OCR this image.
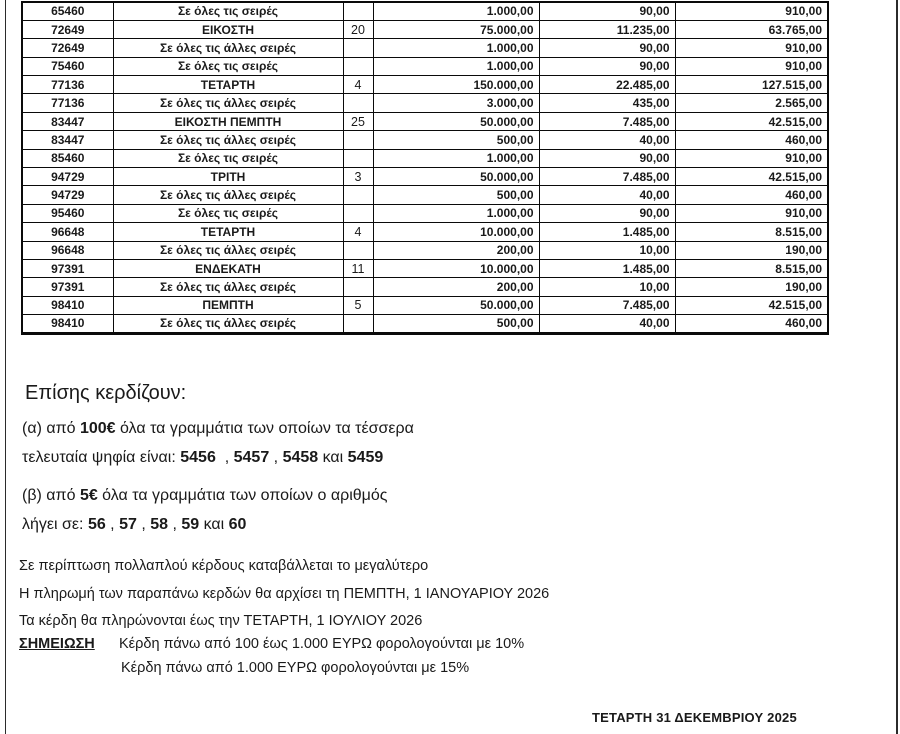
65460	Σε όλες τις σειρές		1.000,00	90,00	910,00
72649	ΕΙΚΟΣΤΗ	20	75.000,00	11.235,00	63.765,00
72649	Σε όλες τις άλλες σειρές		1.000,00	90,00	910,00
75460	Σε όλες τις σειρές		1.000,00	90,00	910,00
77136	ΤΕΤΑΡΤΗ	4	150.000,00	22.485,00	127.515,00
77136	Σε όλες τις άλλες σειρές		3.000,00	435,00	2.565,00
83447	ΕΙΚΟΣΤΗ ΠΕΜΠΤΗ	25	50.000,00	7.485,00	42.515,00
83447	Σε όλες τις άλλες σειρές		500,00	40,00	460,00
85460	Σε όλες τις σειρές		1.000,00	90,00	910,00
94729	ΤΡΙΤΗ	3	50.000,00	7.485,00	42.515,00
94729	Σε όλες τις άλλες σειρές		500,00	40,00	460,00
95460	Σε όλες τις σειρές		1.000,00	90,00	910,00
96648	ΤΕΤΑΡΤΗ	4	10.000,00	1.485,00	8.515,00
96648	Σε όλες τις άλλες σειρές		200,00	10,00	190,00
97391	ΕΝΔΕΚΑΤΗ	11	10.000,00	1.485,00	8.515,00
97391	Σε όλες τις άλλες σειρές		200,00	10,00	190,00
98410	ΠΕΜΠΤΗ	5	50.000,00	7.485,00	42.515,00
98410	Σε όλες τις άλλες σειρές		500,00	40,00	460,00
Επίσης κερδίζουν:
(α) από 100€ όλα τα γραμμάτια των οποίων τα τέσσερα
τελευταία ψηφία είναι: 5456  , 5457 , 5458 και 5459
(β) από 5€ όλα τα γραμμάτια των οποίων ο αριθμός
λήγει σε: 56 , 57 , 58 , 59 και 60
Σε περίπτωση πολλαπλού κέρδους καταβάλλεται το μεγαλύτερο
Η πληρωμή των παραπάνω κερδών θα αρχίσει τη ΠΕΜΠΤΗ, 1 ΙΑΝΟΥΑΡΙΟΥ 2026
Τα κέρδη θα πληρώνονται έως την ΤΕΤΑΡΤΗ, 1 ΙΟΥΛΙΟΥ 2026
ΣΗΜΕΙΩΣΗ	Κέρδη πάνω από 100 έως 1.000 ΕΥΡΩ φορολογούνται με 10%
Κέρδη πάνω από 1.000 ΕΥΡΩ φορολογούνται με 15%
ΤΕΤΑΡΤΗ 31 ΔΕΚΕΜΒΡΙΟΥ 2025
